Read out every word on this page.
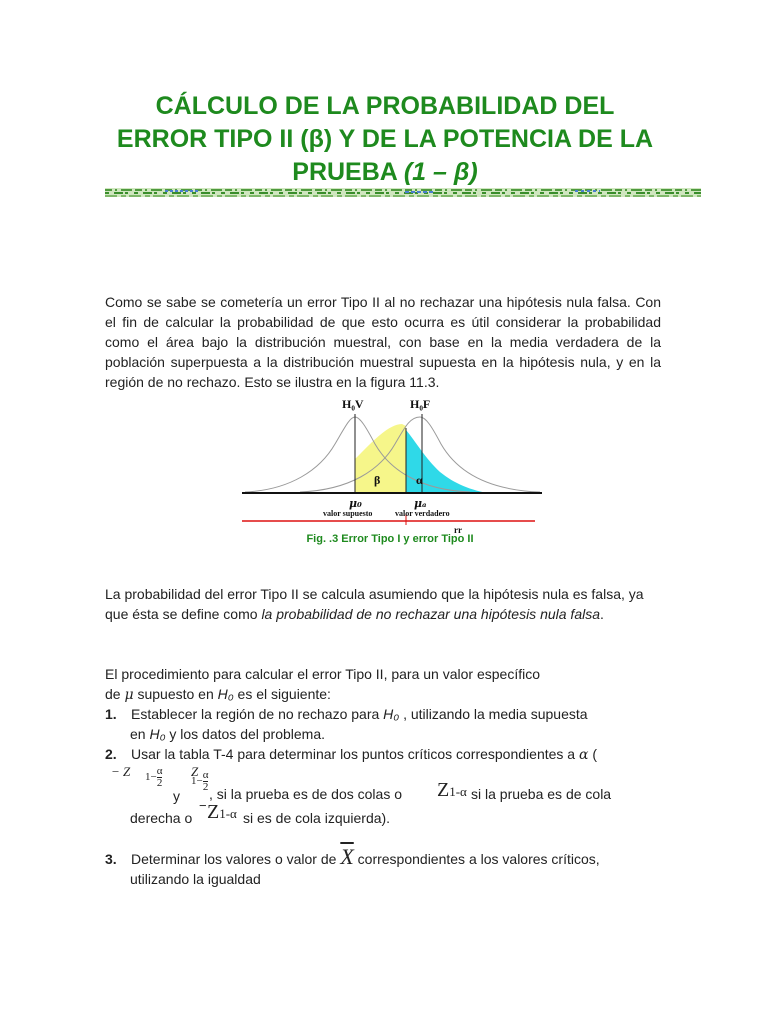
CÁLCULO DE LA PROBABILIDAD DEL
ERROR TIPO II (β) Y DE LA POTENCIA DE LA
PRUEBA (1 – β)

Como se sabe se cometería un error Tipo II al no rechazar una hipótesis nula falsa. Con el fin de calcular la probabilidad de que esto ocurra es útil considerar la probabilidad como el área bajo la distribución muestral, con base en la media verdadera de la población superpuesta a la distribución muestral supuesta en la hipótesis nula, y en la región de no rechazo. Esto se ilustra en la figura 11.3.

H₀V	H₀F
β	α
μ₀	μₐ
valor supuesto	valor verdadero
rr
Fig. .3 Error Tipo I y error Tipo II

La probabilidad del error Tipo II se calcula asumiendo que la hipótesis nula es falsa, ya que ésta se define como la probabilidad de no rechazar una hipótesis nula falsa.

El procedimiento para calcular el error Tipo II, para un valor específico
de μ supuesto en H₀ es el siguiente:
1. Establecer la región de no rechazo para H₀ , utilizando la media supuesta
en H₀ y los datos del problema.
2. Usar la tabla T-4 para determinar los puntos críticos correspondientes a α (
− Z $1- \frac{\alpha}{2}$
y
Z
$1- \frac{\alpha}{2}$
, si la prueba es de dos colas o Z1-α si la prueba es de cola
derecha o
− Z1-α si es de cola izquierda).
3. Determinar los valores o valor de $\overline{X}$ correspondientes a los valores críticos,
utilizando la igualdad
